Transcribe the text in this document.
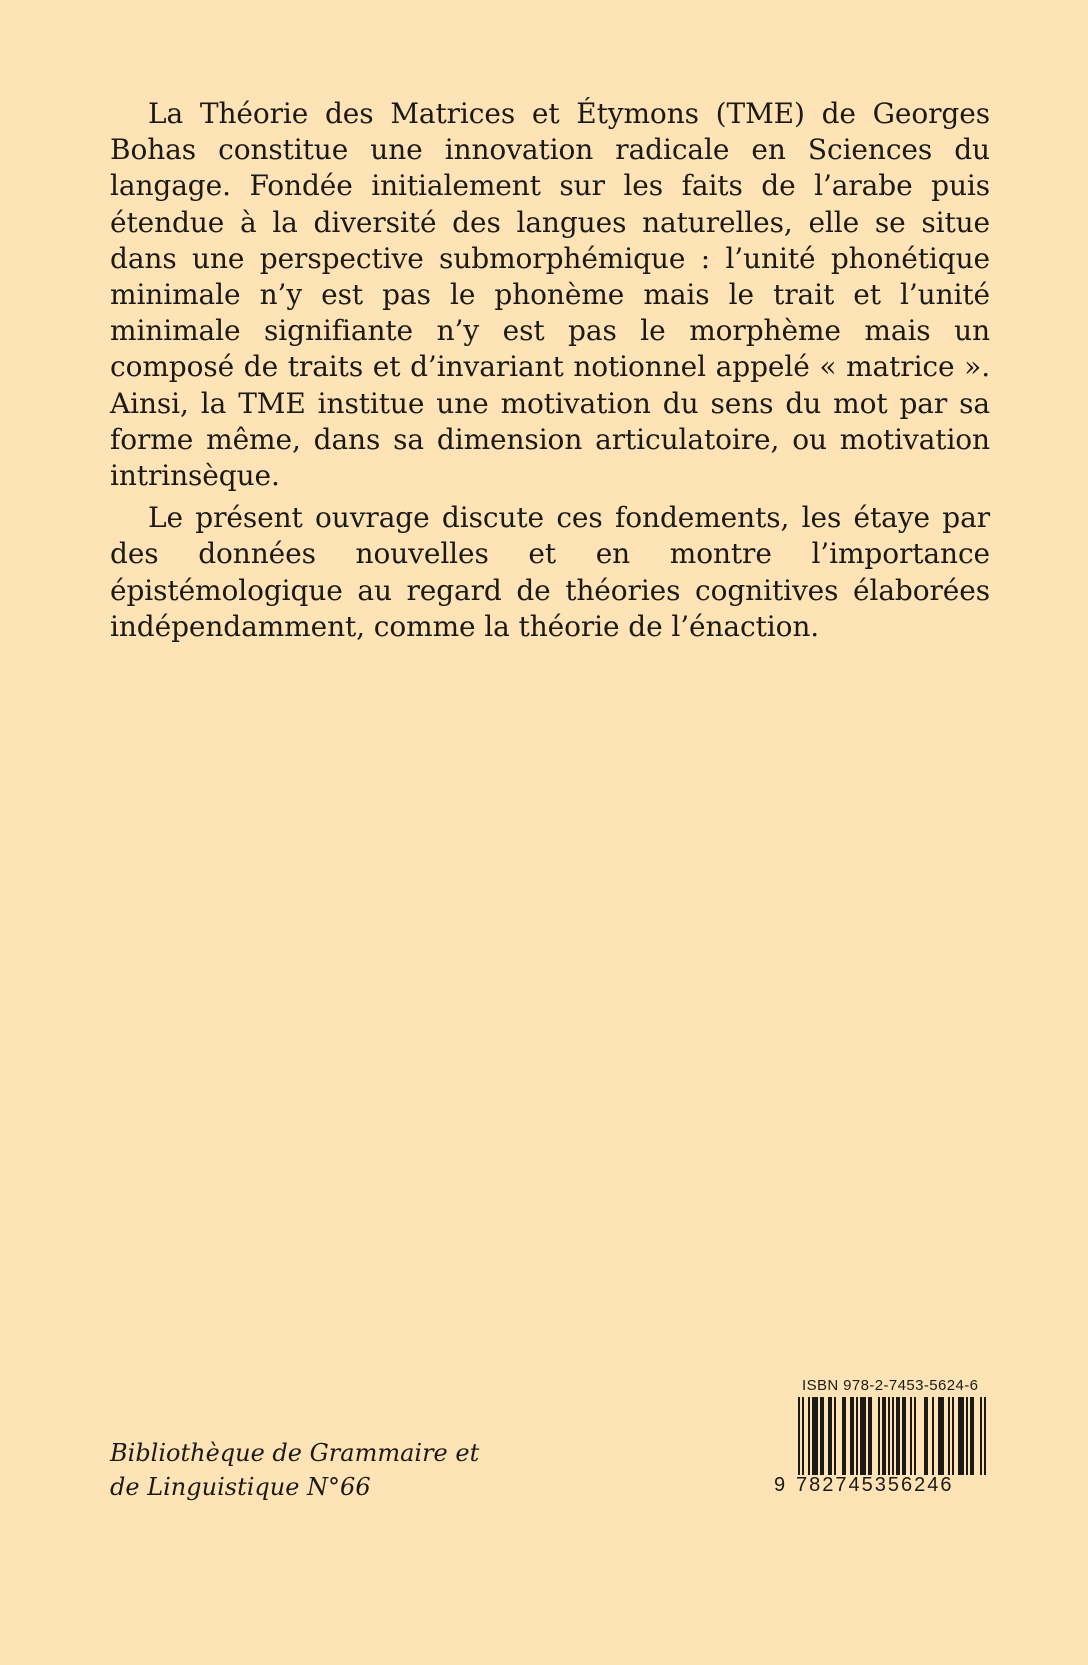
La Théorie des Matrices et Étymons (TME) de Georges Bohas constitue une innovation radicale en Sciences du langage. Fondée initialement sur les faits de l’arabe puis étendue à la diversité des langues naturelles, elle se situe dans une perspective submorphémique : l’unité phonétique minimale n’y est pas le phonème mais le trait et l’unité minimale signifiante n’y est pas le morphème mais un composé de traits et d’invariant notionnel appelé « matrice ». Ainsi, la TME institue une motivation du sens du mot par sa forme même, dans sa dimension articulatoire, ou motivation intrinsèque.

Le présent ouvrage discute ces fondements, les étaye par des données nouvelles et en montre l’importance épistémologique au regard de théories cognitives élaborées indépendamment, comme la théorie de l’énaction.

Bibliothèque de Grammaire et
de Linguistique N°66
ISBN 978-2-7453-5624-6
9 782745356246
